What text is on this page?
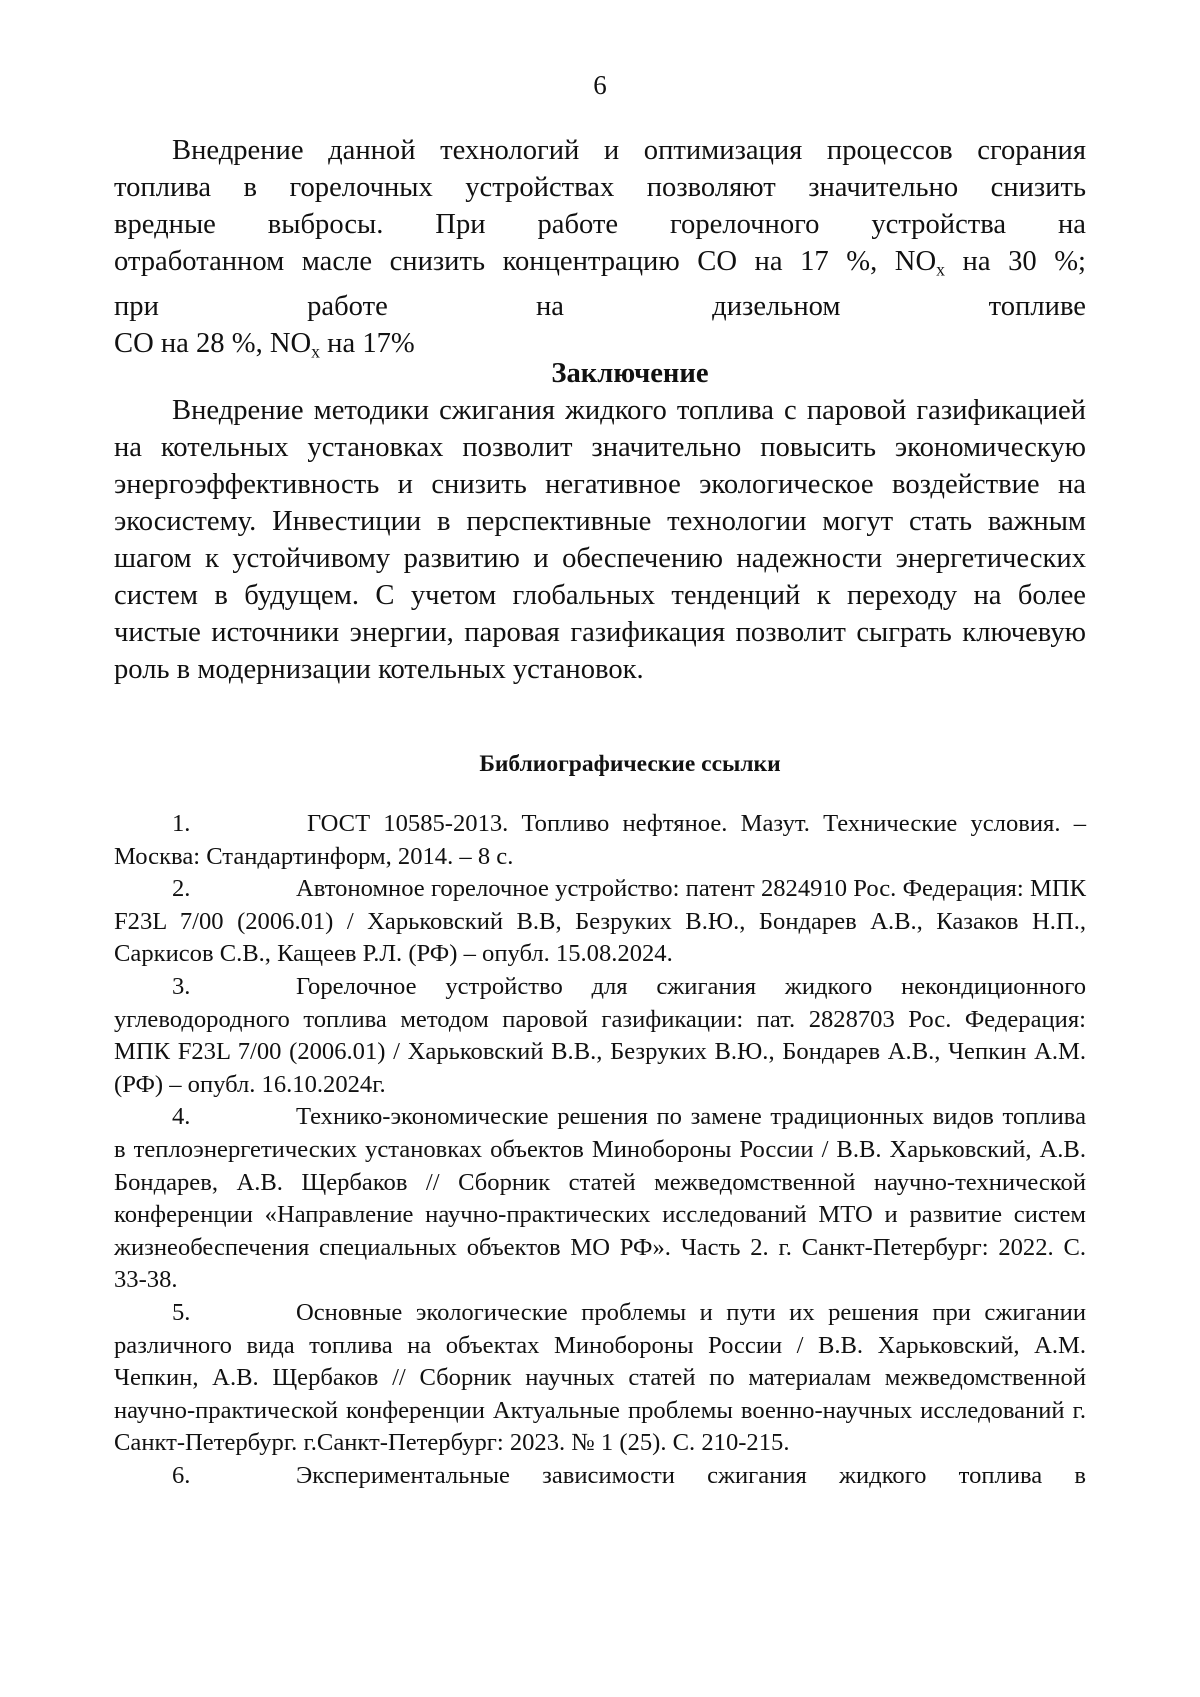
6
Внедрение данной технологий и оптимизация процессов сгорания
топлива в горелочных устройствах позволяют значительно снизить
вредные выбросы. При работе горелочного устройства на
отработанном масле снизить концентрацию CO на 17 %, $NO_x$ на 30 %;
при работе на дизельном топливе
CO на 28 %, $NO_x$ на 17%
Заключение

Внедрение методики сжигания жидкого топлива с паровой газификацией на котельных установках позволит значительно повысить экономическую энергоэффективность и снизить негативное экологическое воздействие на экосистему. Инвестиции в перспективные технологии могут стать важным шагом к устойчивому развитию и обеспечению надежности энергетических систем в будущем. С учетом глобальных тенденций к переходу на более чистые источники энергии, паровая газификация позволит сыграть ключевую роль в модернизации котельных установок.

Библиографические ссылки
1.	ГОСТ 10585-2013. Топливо нефтяное. Мазут. Технические условия. – Москва: Стандартинформ, 2014. – 8 с.
2.	Автономное горелочное устройство: патент 2824910 Рос. Федерация: МПК F23L 7/00 (2006.01) / Харьковский В.В, Безруких В.Ю., Бондарев А.В., Казаков Н.П., Саркисов С.В., Кащеев Р.Л. (РФ) – опубл. 15.08.2024.
3.	Горелочное устройство для сжигания жидкого некондиционного углеводородного топлива методом паровой газификации: пат. 2828703 Рос. Федерация: МПК F23L 7/00 (2006.01) / Харьковский В.В., Безруких В.Ю., Бондарев А.В., Чепкин А.М. (РФ) – опубл. 16.10.2024г.
4.	Технико-экономические решения по замене традиционных видов топлива в теплоэнергетических установках объектов Минобороны России / В.В. Харьковский, А.В. Бондарев, А.В. Щербаков // Сборник статей межведомственной научно-технической конференции «Направление научно-практических исследований МТО и развитие систем жизнеобеспечения специальных объектов МО РФ». Часть 2. г. Санкт-Петербург: 2022. С. 33-38.
5.	Основные экологические проблемы и пути их решения при сжигании различного вида топлива на объектах Минобороны России / В.В. Харьковский, А.М. Чепкин, А.В. Щербаков // Сборник научных статей по материалам межведомственной научно-практической конференции Актуальные проблемы военно-научных исследований г. Санкт-Петербург. г.Санкт-Петербург: 2023. № 1 (25). С. 210-215.
6.	Экспериментальные зависимости сжигания жидкого топлива в
